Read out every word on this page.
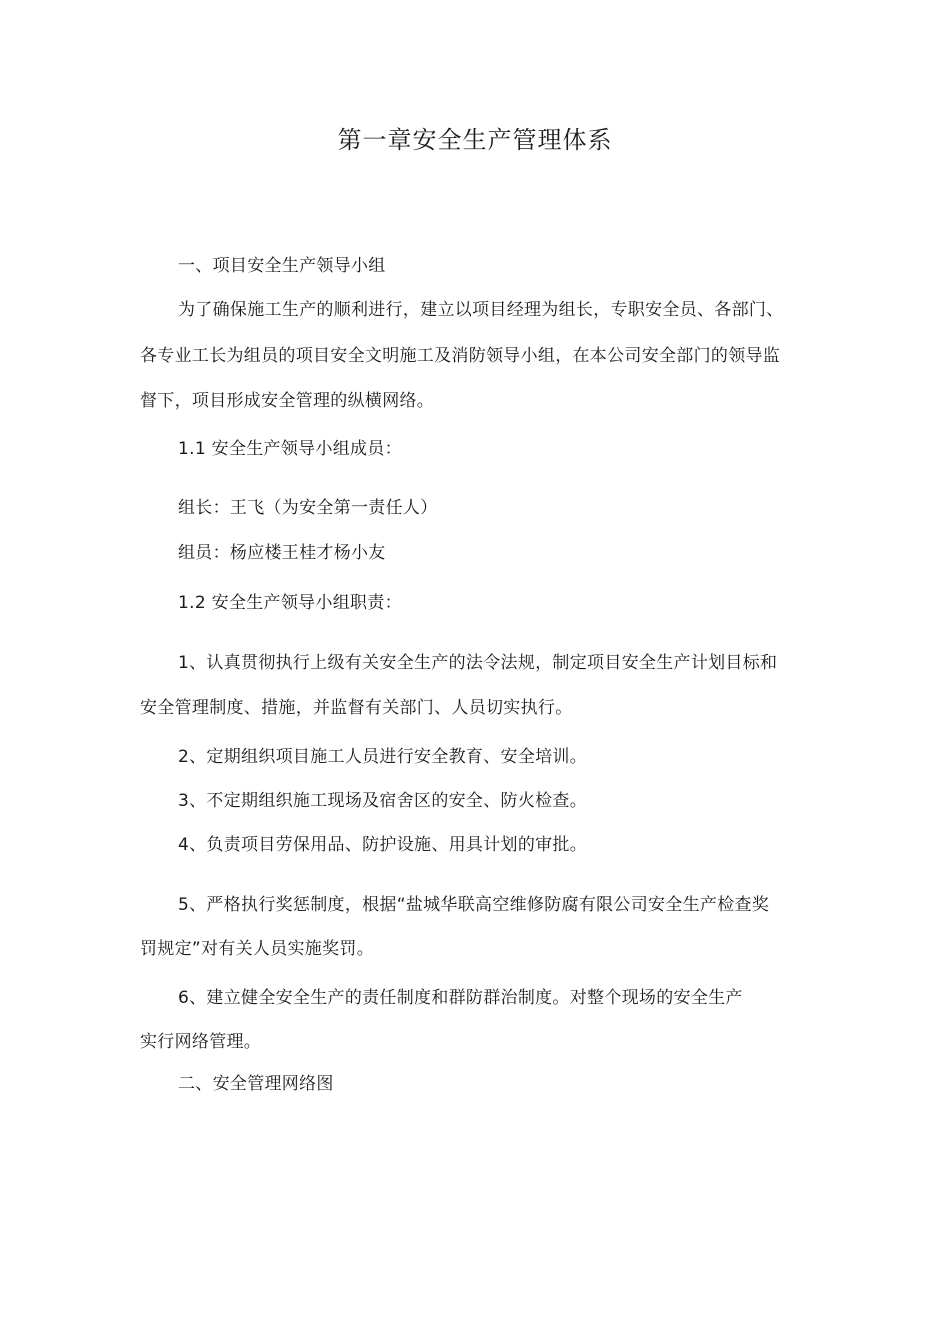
第一章安全生产管理体系
一、项目安全生产领导小组
为了确保施工生产的顺利进行，建立以项目经理为组长，专职安全员、各部门、
各专业工长为组员的项目安全文明施工及消防领导小组，在本公司安全部门的领导监
督下，项目形成安全管理的纵横网络。
1.1 安全生产领导小组成员：
组长：王飞（为安全第一责任人）
组员：杨应楼王桂才杨小友
1.2 安全生产领导小组职责：
1、认真贯彻执行上级有关安全生产的法令法规，制定项目安全生产计划目标和
安全管理制度、措施，并监督有关部门、人员切实执行。
2、定期组织项目施工人员进行安全教育、安全培训。
3、不定期组织施工现场及宿舍区的安全、防火检查。
4、负责项目劳保用品、防护设施、用具计划的审批。
5、严格执行奖惩制度，根据“盐城华联高空维修防腐有限公司安全生产检查奖
罚规定”对有关人员实施奖罚。
6、建立健全安全生产的责任制度和群防群治制度。对整个现场的安全生产
实行网络管理。
二、安全管理网络图
